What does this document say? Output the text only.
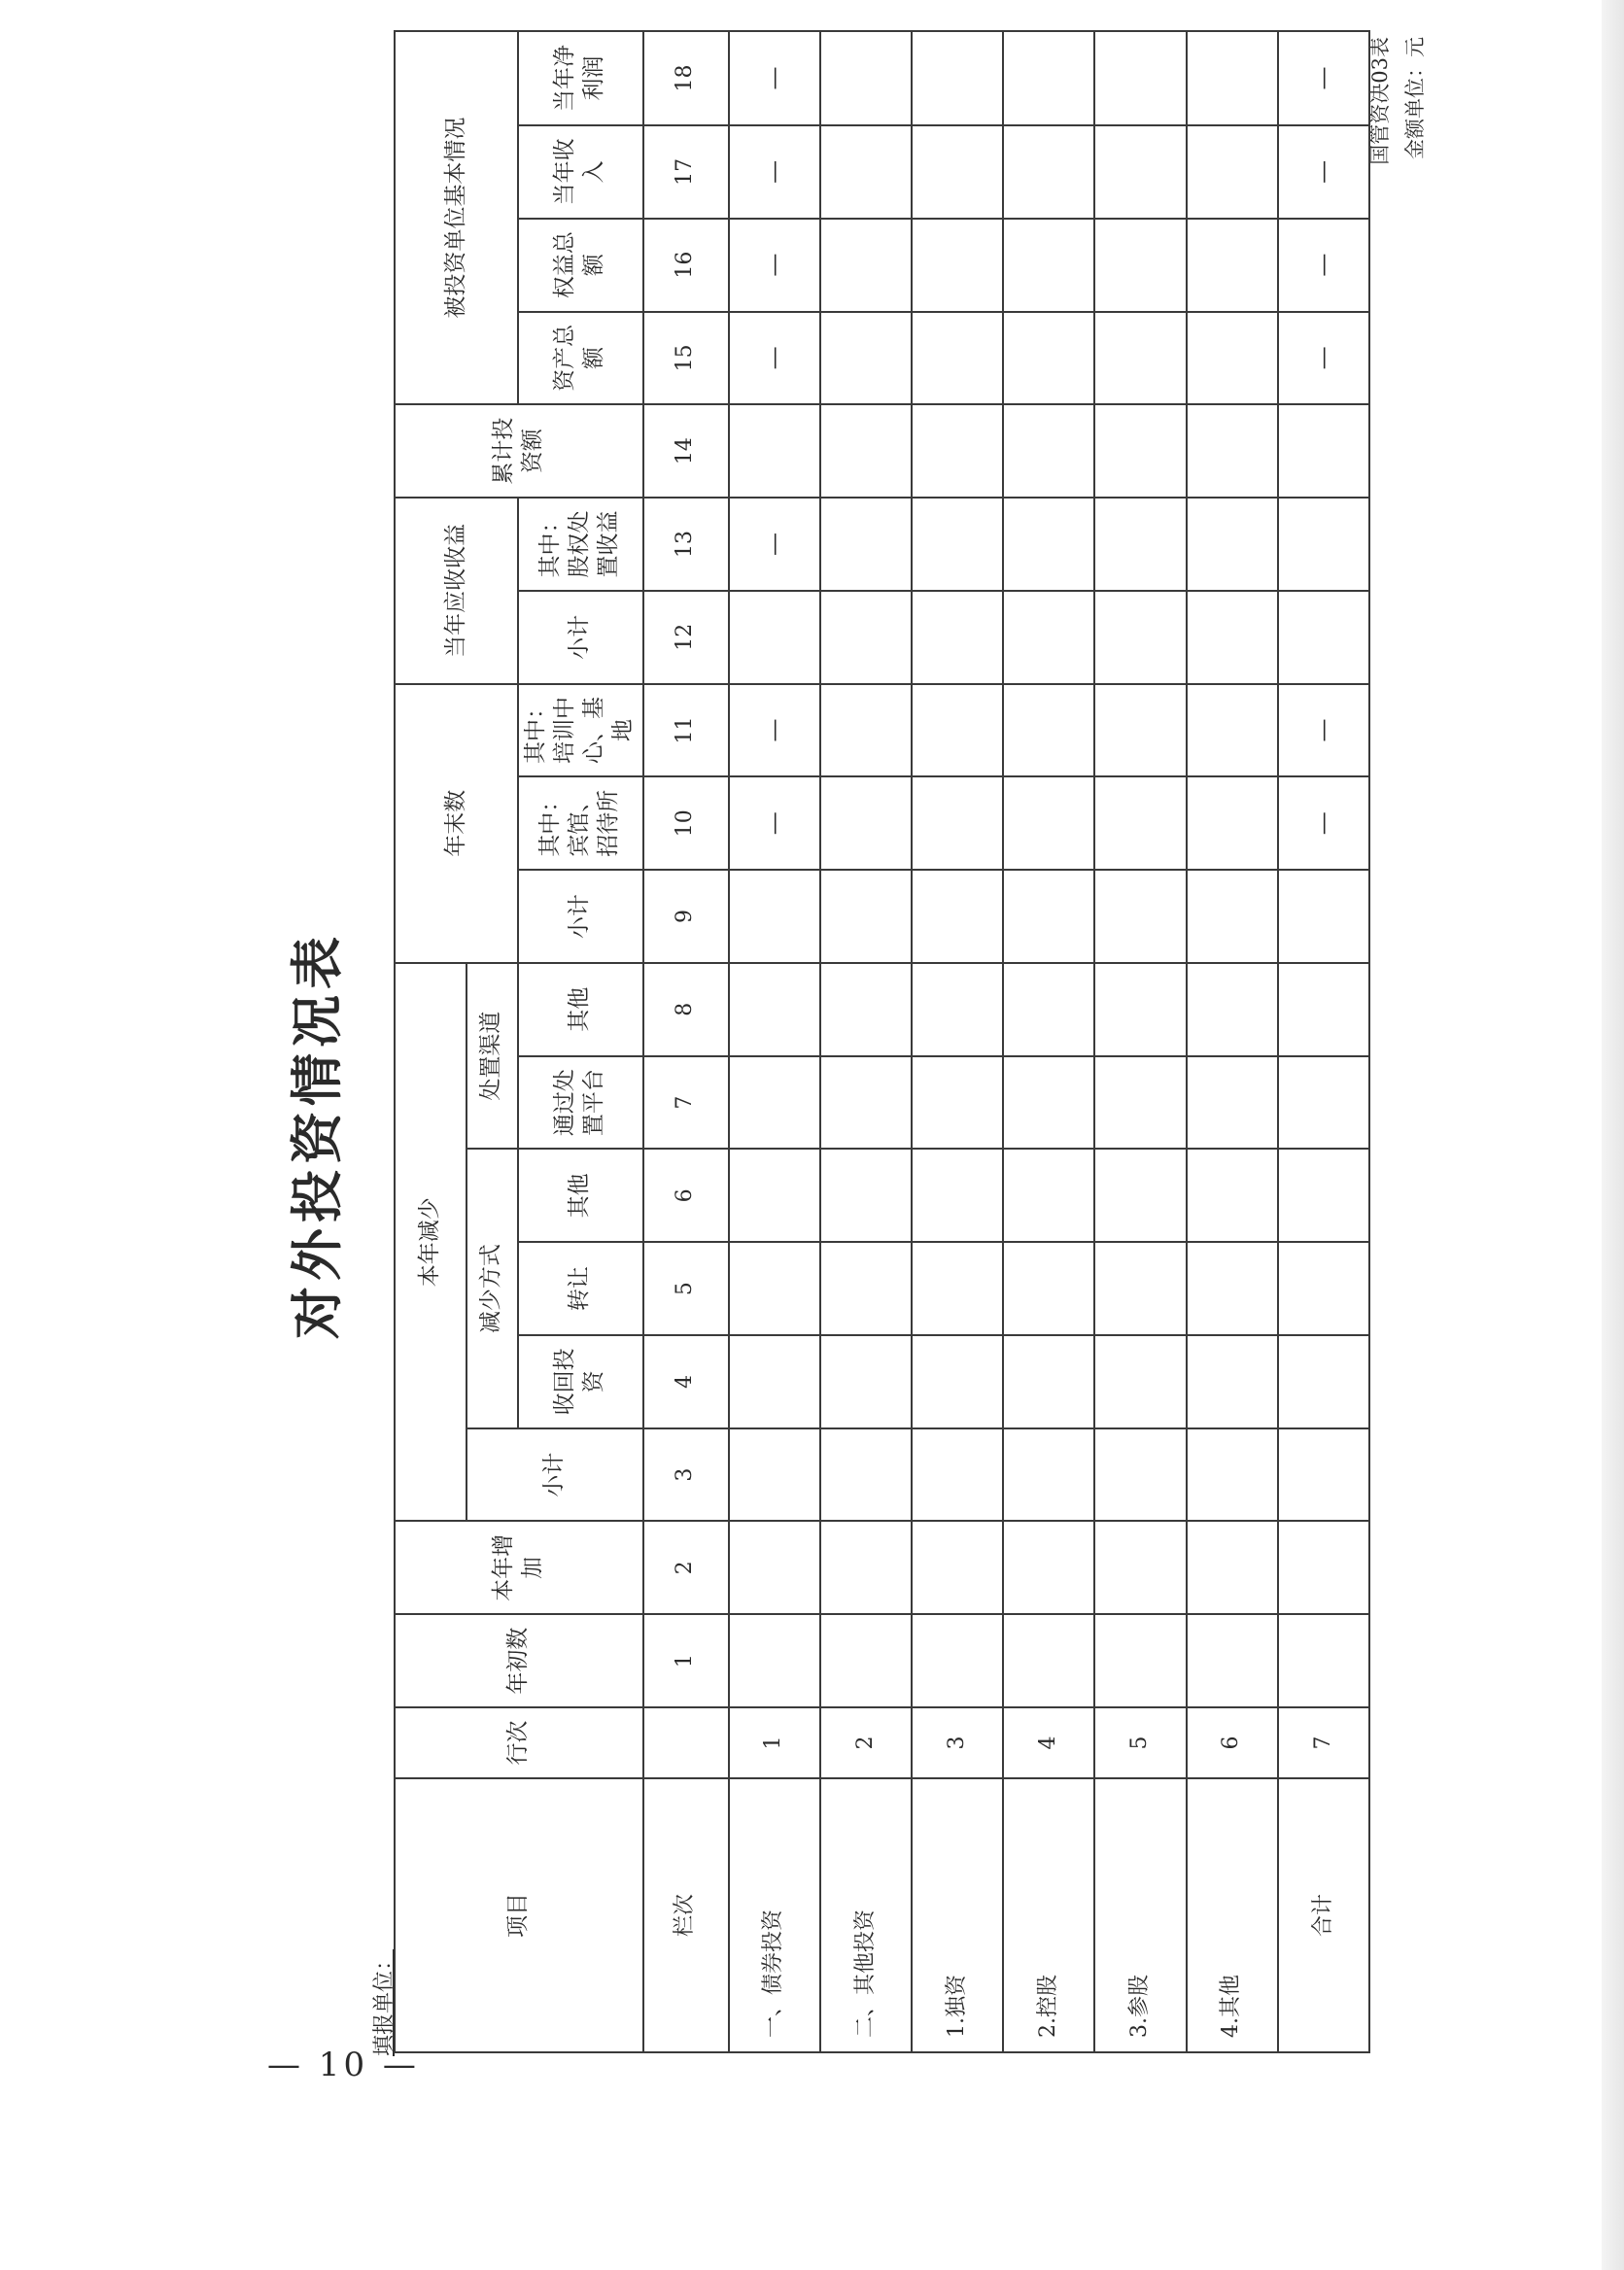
— 10 —
对外投资情况表
国管资决03表 金额单位：元
填报单位：
项目	行次	年初数	本年增加	本年减少						年末数			当年应收收益		累计投资额	被投资单位基本情况			
				小计	减少方式			处置渠道											
					收回投资	转让	其他	通过处置平台	其他	小计	其中：宾馆、招待所	其中：培训中心、基地	小计	其中：股权处置收益		资产总额	权益总额	当年收入	当年净利润

栏次		1	2	3	4	5	6	7	8	9	10	11	12	13	14	15	16	17	18
一、债券投资	1										—	—		—		—	—	—	—
二、其他投资	2																		
1.独资	3																		
2.控股	4																		
3.参股	5																		
4.其他	6																		
合计	7										—	—				—	—	—	—
